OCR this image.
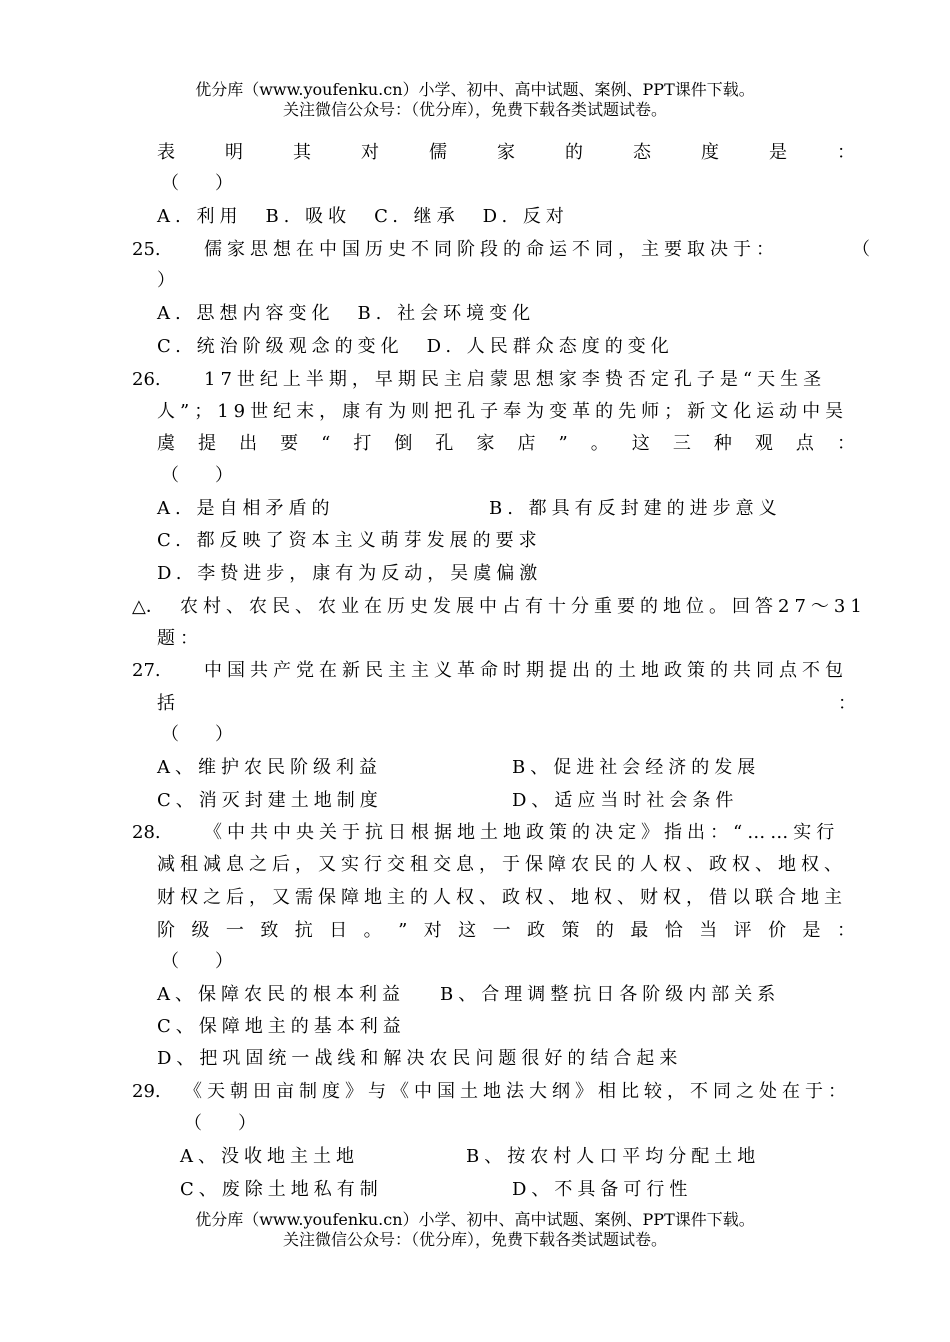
优分库（www.youfenku.cn）小学、初中、高中试题、案例、PPT课件下载。
关注微信公众号：（优分库），免费下载各类试题试卷。
表	明	其	对	儒	家	的	态	度	是	：
（　　）
A. 利用　B. 吸收　C. 继承　D. 反对
25. 儒家思想在中国历史不同阶段的命运不同，主要取决于：	（
）
A. 思想内容变化　B. 社会环境变化
C. 统治阶级观念的变化　D. 人民群众态度的变化
26. 17世纪上半期，早期民主启蒙思想家李贽否定孔子是“天生圣
人”；19世纪末，康有为则把孔子奉为变革的先师；新文化运动中吴
虞 提 出 要 “ 打 倒 孔 家 店 ” 。 这 三 种 观 点 ：
（　　）
A. 是自相矛盾的	B. 都具有反封建的进步意义
C. 都反映了资本主义萌芽发展的要求
D. 李贽进步，康有为反动，吴虞偏激
△． 农村、农民、农业在历史发展中占有十分重要的地位。回答27～31
题：
27. 中国共产党在新民主主义革命时期提出的土地政策的共同点不包
括	：
（　　）
A、维护农民阶级利益	B、促进社会经济的发展
C、消灭封建土地制度	D、适应当时社会条件
28. 《中共中央关于抗日根据地土地政策的决定》指出：“……实行
减租减息之后，又实行交租交息，于保障农民的人权、政权、地权、
财权之后，又需保障地主的人权、政权、地权、财权，借以联合地主
阶 级 一 致 抗 日 。 ” 对 这 一 政 策 的 最 恰 当 评 价 是 ：
（　　）
A、保障农民的根本利益 B、合理调整抗日各阶级内部关系
C、保障地主的基本利益
D、把巩固统一战线和解决农民问题很好的结合起来
29. 《天朝田亩制度》与《中国土地法大纲》相比较，不同之处在于：
（　　）
A、没收地主土地	B、按农村人口平均分配土地
C、废除土地私有制	D、不具备可行性
优分库（www.youfenku.cn）小学、初中、高中试题、案例、PPT课件下载。
关注微信公众号：（优分库），免费下载各类试题试卷。
